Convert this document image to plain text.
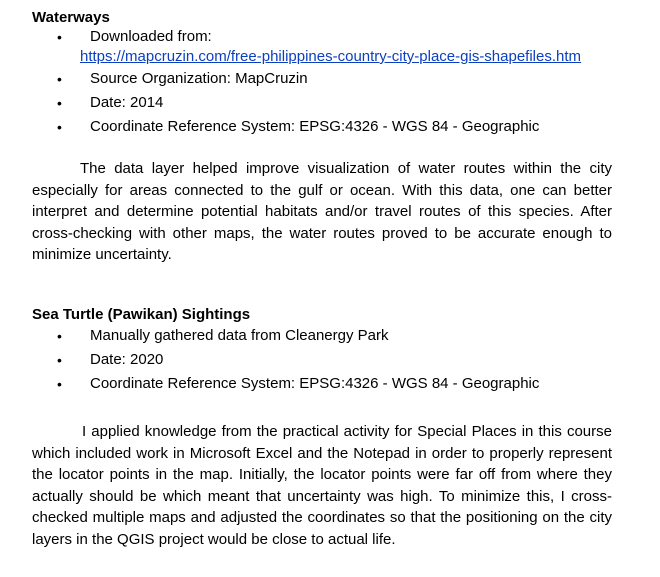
Waterways

• Downloaded from:
https://mapcruzin.com/free-philippines-country-city-place-gis-shapefiles.htm
• Source Organization: MapCruzin
• Date: 2014
• Coordinate Reference System: EPSG:4326 - WGS 84 - Geographic

The data layer helped improve visualization of water routes within the city especially for areas connected to the gulf or ocean. With this data, one can better interpret and determine potential habitats and/or travel routes of this species. After cross-checking with other maps, the water routes proved to be accurate enough to minimize uncertainty.

Sea Turtle (Pawikan) Sightings

• Manually gathered data from Cleanergy Park
• Date: 2020
• Coordinate Reference System: EPSG:4326 - WGS 84 - Geographic

I applied knowledge from the practical activity for Special Places in this course which included work in Microsoft Excel and the Notepad in order to properly represent the locator points in the map. Initially, the locator points were far off from where they actually should be which meant that uncertainty was high. To minimize this, I cross-checked multiple maps and adjusted the coordinates so that the positioning on the city layers in the QGIS project would be close to actual life.
